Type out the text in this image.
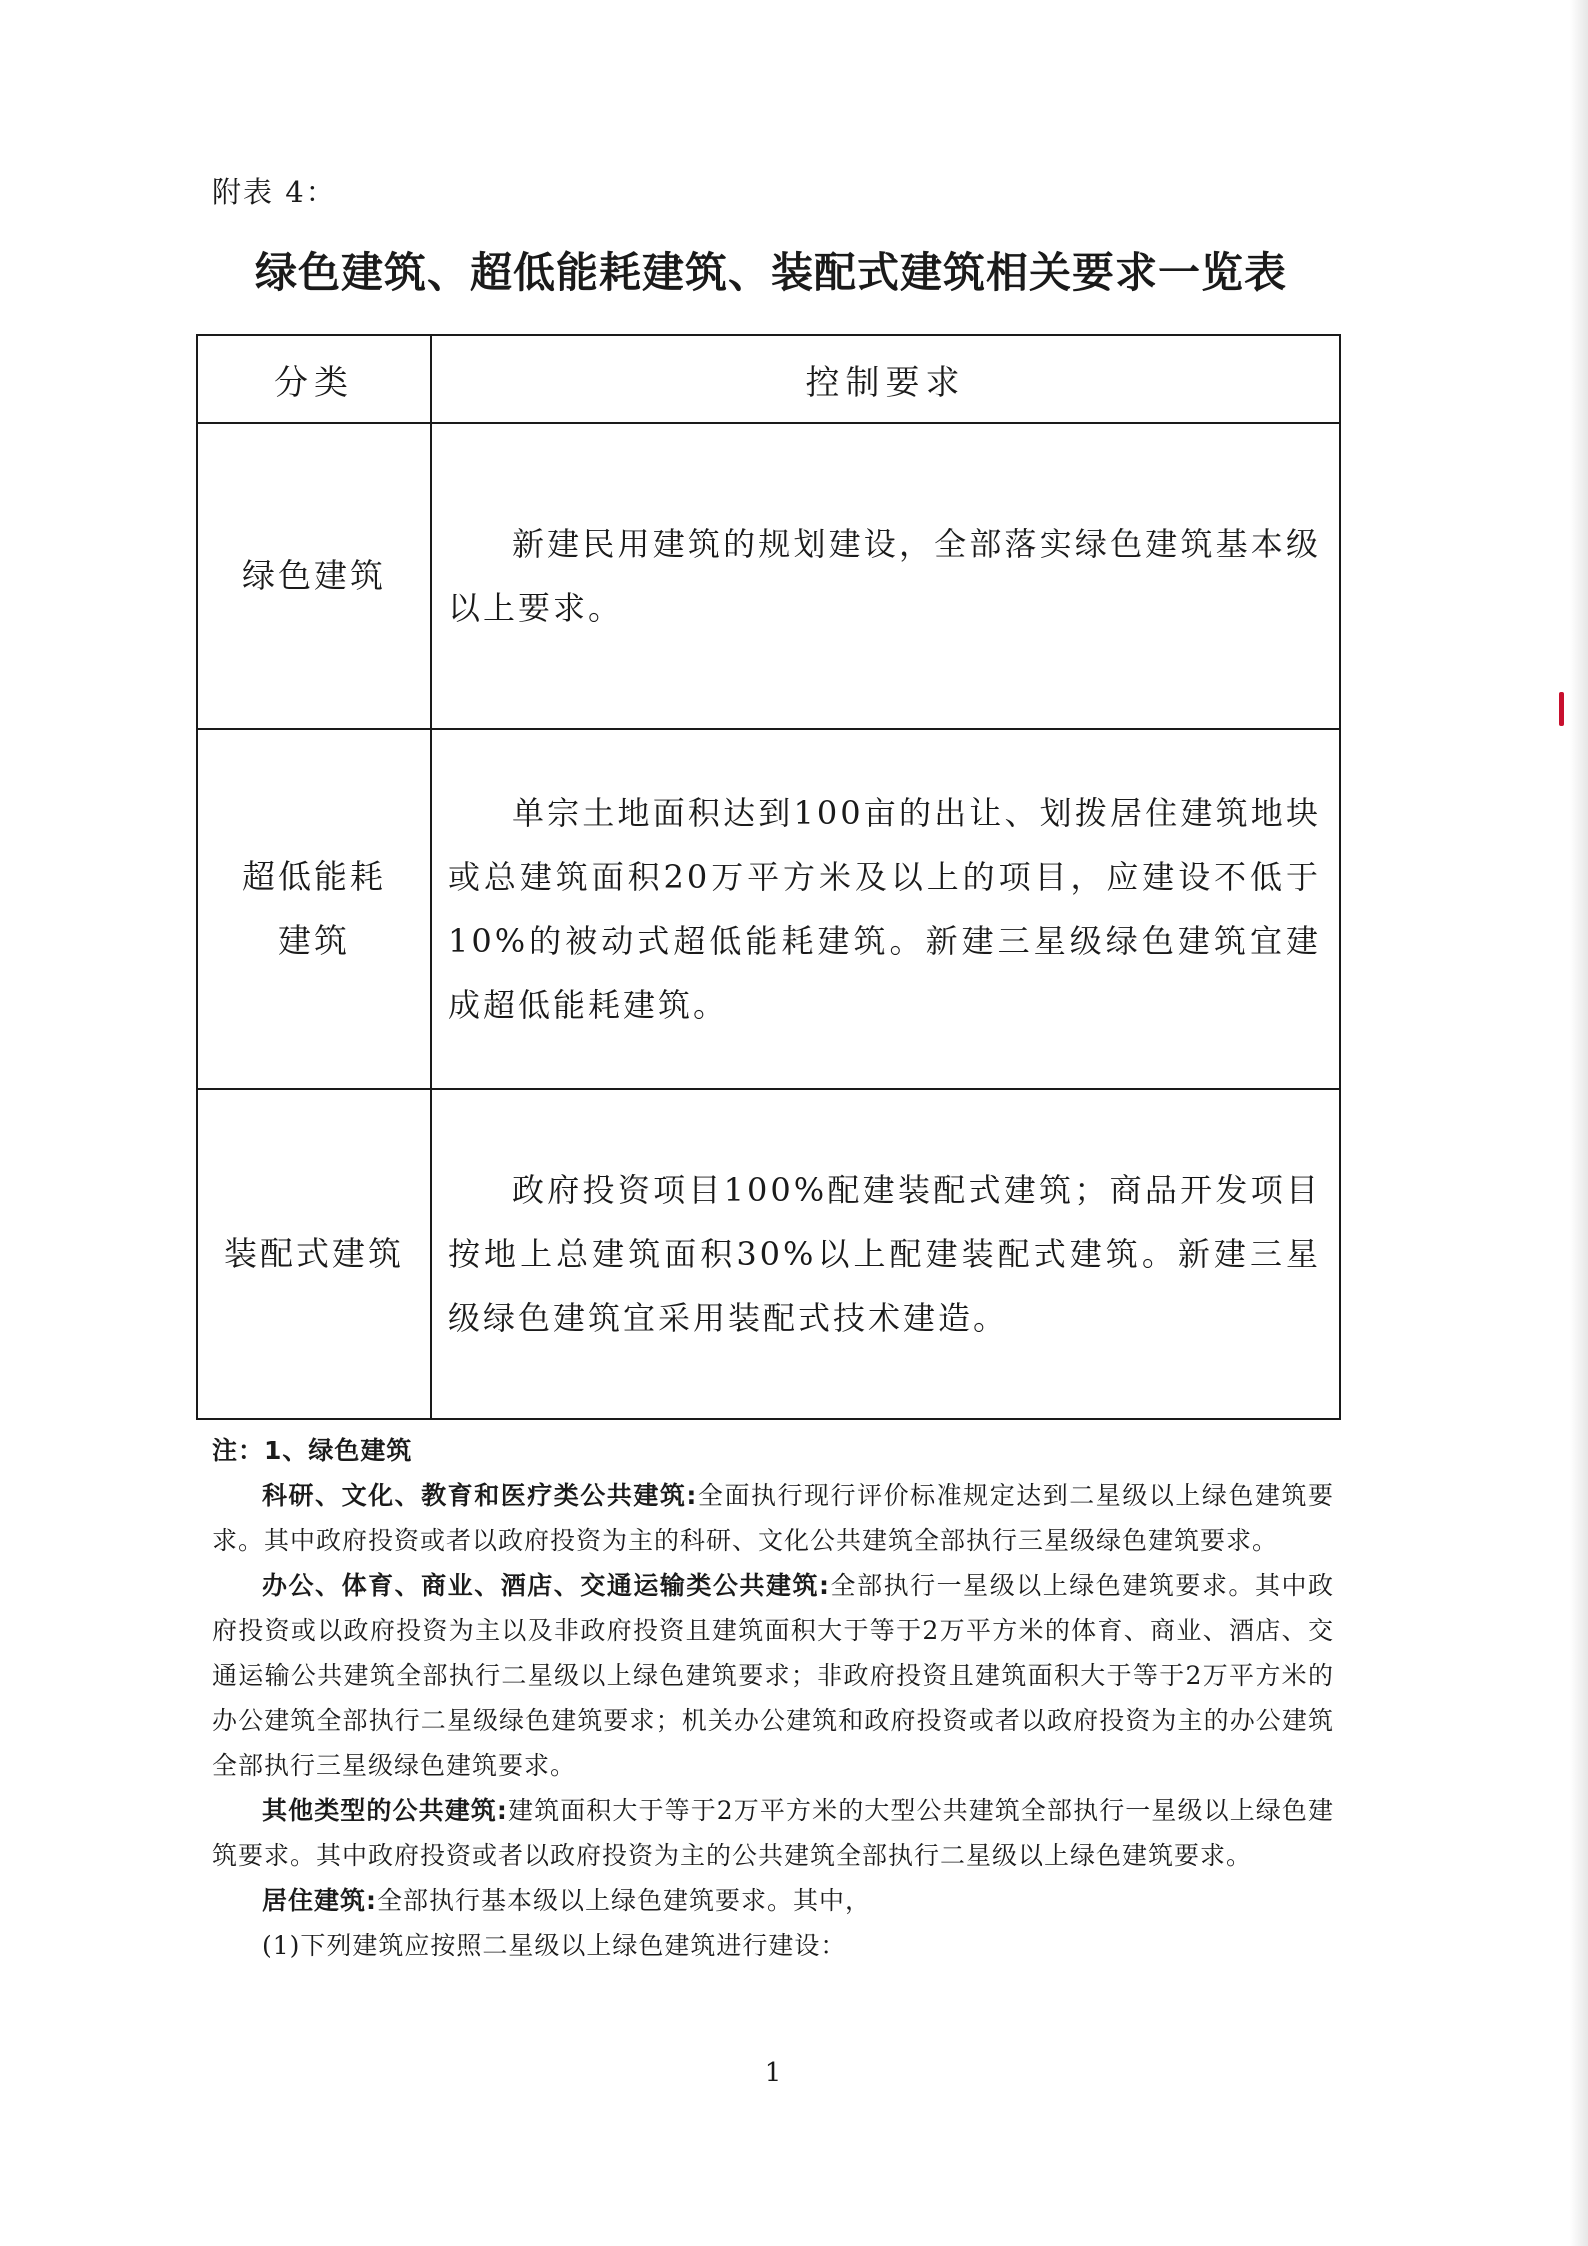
附表 4：
绿色建筑、超低能耗建筑、装配式建筑相关要求一览表
分类	控制要求
绿色建筑	新建民用建筑的规划建设，全部落实绿色建筑基本级以上要求。

超低能耗建筑	单宗土地面积达到100亩的出让、划拨居住建筑地块或总建筑面积20万平方米及以上的项目，应建设不低于10%的被动式超低能耗建筑。新建三星级绿色建筑宜建成超低能耗建筑。

装配式建筑	政府投资项目100%配建装配式建筑；商品开发项目按地上总建筑面积30%以上配建装配式建筑。新建三星级绿色建筑宜采用装配式技术建造。

注：1、绿色建筑

科研、文化、教育和医疗类公共建筑:全面执行现行评价标准规定达到二星级以上绿色建筑要求。其中政府投资或者以政府投资为主的科研、文化公共建筑全部执行三星级绿色建筑要求。

办公、体育、商业、酒店、交通运输类公共建筑:全部执行一星级以上绿色建筑要求。其中政府投资或以政府投资为主以及非政府投资且建筑面积大于等于2万平方米的体育、商业、酒店、交通运输公共建筑全部执行二星级以上绿色建筑要求；非政府投资且建筑面积大于等于2万平方米的办公建筑全部执行二星级绿色建筑要求；机关办公建筑和政府投资或者以政府投资为主的办公建筑全部执行三星级绿色建筑要求。

其他类型的公共建筑:建筑面积大于等于2万平方米的大型公共建筑全部执行一星级以上绿色建筑要求。其中政府投资或者以政府投资为主的公共建筑全部执行二星级以上绿色建筑要求。

居住建筑:全部执行基本级以上绿色建筑要求。其中，

(1)下列建筑应按照二星级以上绿色建筑进行建设：

1
